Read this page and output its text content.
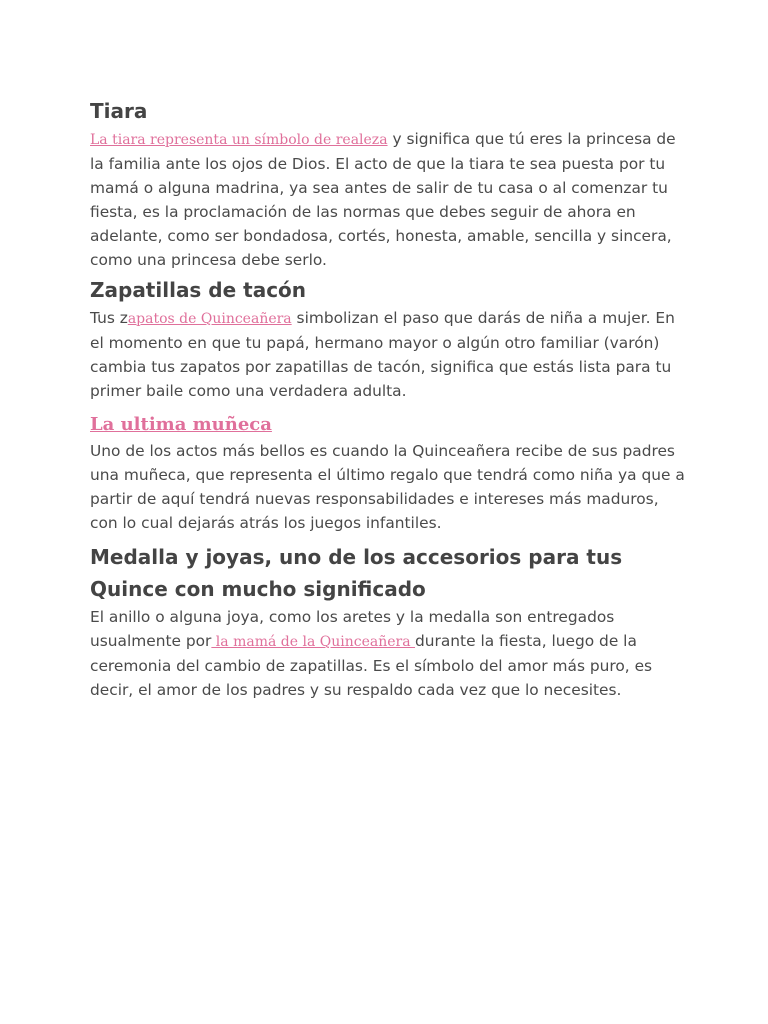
Tiara

La tiara representa un símbolo de realeza y significa que tú eres la princesa de la familia ante los ojos de Dios. El acto de que la tiara te sea puesta por tu mamá o alguna madrina, ya sea antes de salir de tu casa o al comenzar tu fiesta, es la proclamación de las normas que debes seguir de ahora en adelante, como ser bondadosa, cortés, honesta, amable, sencilla y sincera, como una princesa debe serlo.

Zapatillas de tacón

Tus zapatos de Quinceañera simbolizan el paso que darás de niña a mujer. En el momento en que tu papá, hermano mayor o algún otro familiar (varón) cambia tus zapatos por zapatillas de tacón, significa que estás lista para tu primer baile como una verdadera adulta.

La ultima muñeca

Uno de los actos más bellos es cuando la Quinceañera recibe de sus padres una muñeca, que representa el último regalo que tendrá como niña ya que a partir de aquí tendrá nuevas responsabilidades e intereses más maduros, con lo cual dejarás atrás los juegos infantiles.

Medalla y joyas, uno de los accesorios para tus Quince con mucho significado

El anillo o alguna joya, como los aretes y la medalla son entregados usualmente por la mamá de la Quinceañera durante la fiesta, luego de la ceremonia del cambio de zapatillas. Es el símbolo del amor más puro, es decir, el amor de los padres y su respaldo cada vez que lo necesites.
